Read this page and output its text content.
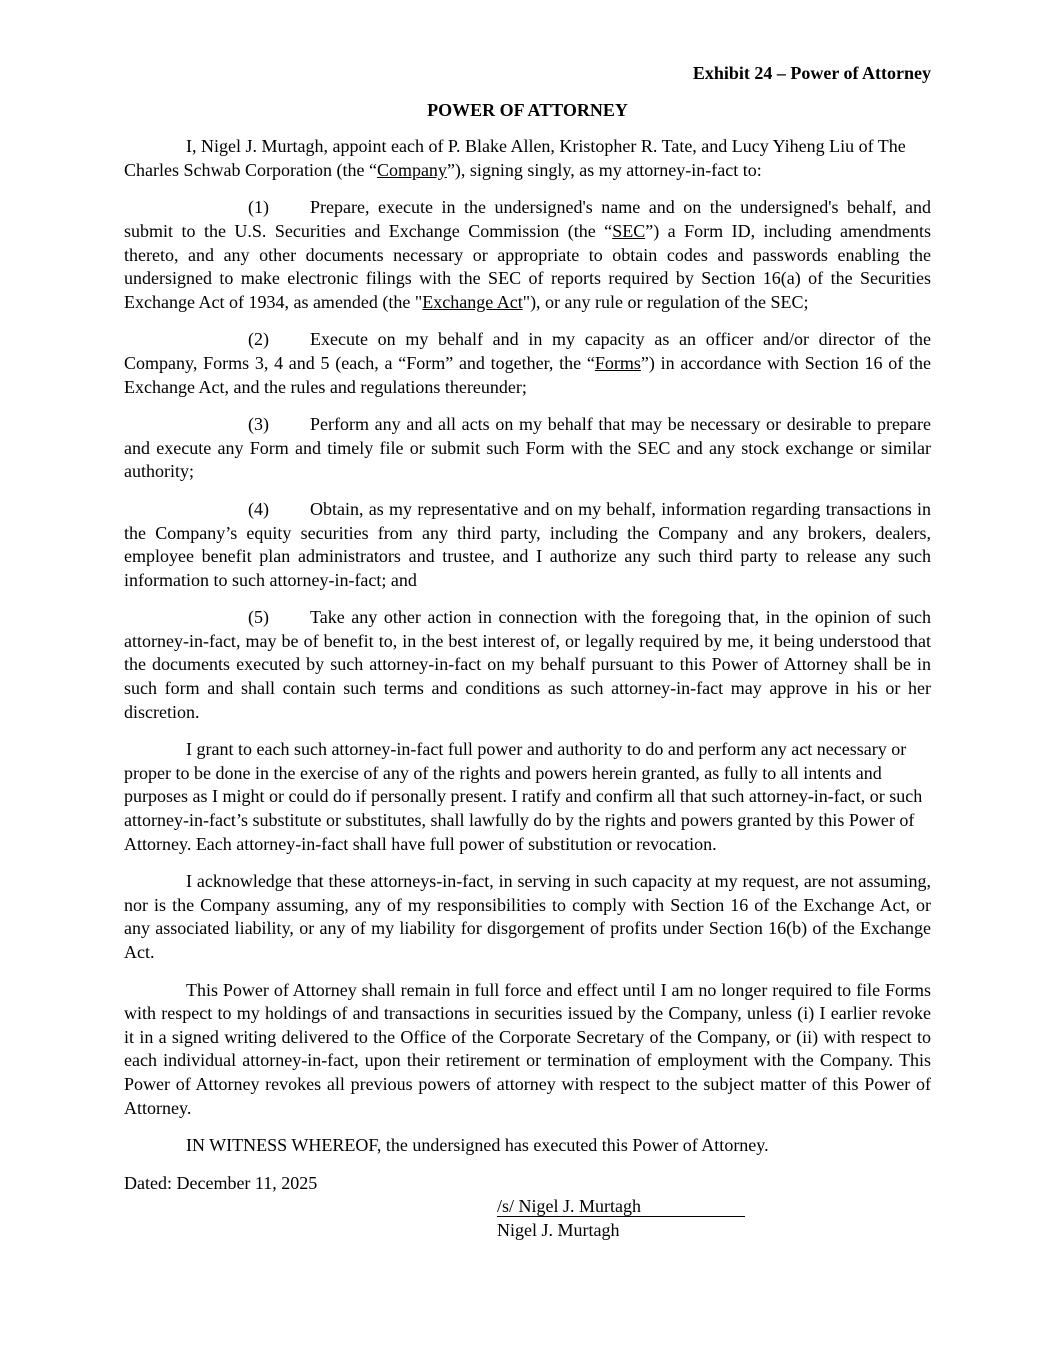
Exhibit 24 – Power of Attorney
POWER OF ATTORNEY

I, Nigel J. Murtagh, appoint each of P. Blake Allen, Kristopher R. Tate, and Lucy Yiheng Liu of The Charles Schwab Corporation (the “Company”), signing singly, as my attorney-in-fact to:

(1) Prepare, execute in the undersigned's name and on the undersigned's behalf, and submit to the U.S. Securities and Exchange Commission (the “SEC”) a Form ID, including amendments thereto, and any other documents necessary or appropriate to obtain codes and passwords enabling the undersigned to make electronic filings with the SEC of reports required by Section 16(a) of the Securities Exchange Act of 1934, as amended (the "Exchange Act"), or any rule or regulation of the SEC;

(2) Execute on my behalf and in my capacity as an officer and/or director of the Company, Forms 3, 4 and 5 (each, a “Form” and together, the “Forms”) in accordance with Section 16 of the Exchange Act, and the rules and regulations thereunder;

(3) Perform any and all acts on my behalf that may be necessary or desirable to prepare and execute any Form and timely file or submit such Form with the SEC and any stock exchange or similar authority;

(4) Obtain, as my representative and on my behalf, information regarding transactions in the Company’s equity securities from any third party, including the Company and any brokers, dealers, employee benefit plan administrators and trustee, and I authorize any such third party to release any such information to such attorney-in-fact; and

(5) Take any other action in connection with the foregoing that, in the opinion of such attorney-in-fact, may be of benefit to, in the best interest of, or legally required by me, it being understood that the documents executed by such attorney-in-fact on my behalf pursuant to this Power of Attorney shall be in such form and shall contain such terms and conditions as such attorney-in-fact may approve in his or her discretion.

I grant to each such attorney-in-fact full power and authority to do and perform any act necessary or proper to be done in the exercise of any of the rights and powers herein granted, as fully to all intents and purposes as I might or could do if personally present. I ratify and confirm all that such attorney-in-fact, or such attorney-in-fact’s substitute or substitutes, shall lawfully do by the rights and powers granted by this Power of Attorney. Each attorney-in-fact shall have full power of substitution or revocation.

I acknowledge that these attorneys-in-fact, in serving in such capacity at my request, are not assuming, nor is the Company assuming, any of my responsibilities to comply with Section 16 of the Exchange Act, or any associated liability, or any of my liability for disgorgement of profits under Section 16(b) of the Exchange Act.

This Power of Attorney shall remain in full force and effect until I am no longer required to file Forms with respect to my holdings of and transactions in securities issued by the Company, unless (i) I earlier revoke it in a signed writing delivered to the Office of the Corporate Secretary of the Company, or (ii) with respect to each individual attorney-in-fact, upon their retirement or termination of employment with the Company. This Power of Attorney revokes all previous powers of attorney with respect to the subject matter of this Power of Attorney.

IN WITNESS WHEREOF, the undersigned has executed this Power of Attorney.

Dated: December 11, 2025
/s/ Nigel J. Murtagh
Nigel J. Murtagh
